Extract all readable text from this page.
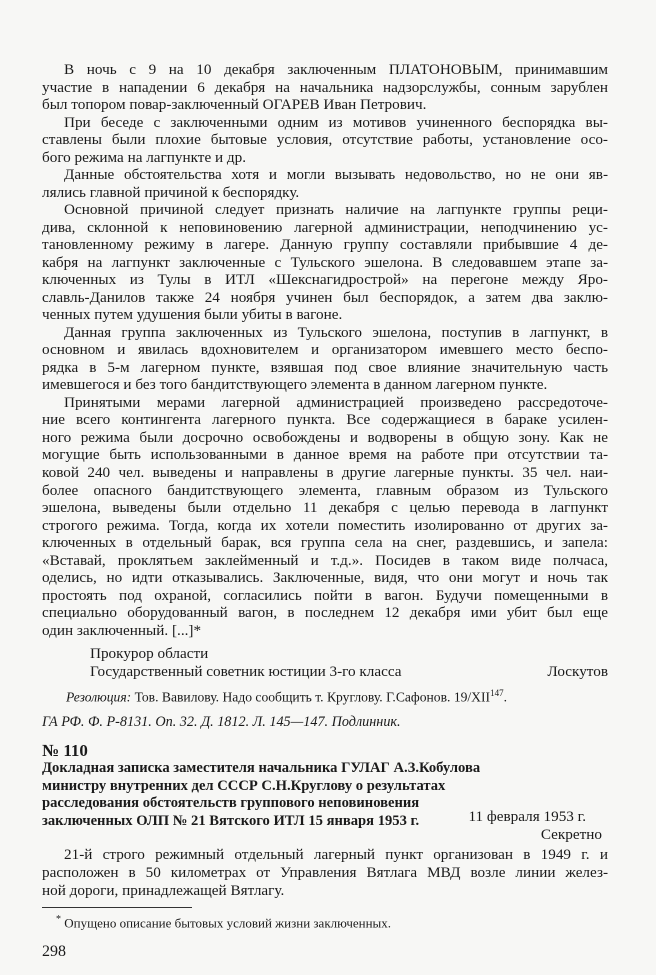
В ночь с 9 на 10 декабря заключенным ПЛАТОНОВЫМ, принимавшим
участие в нападении 6 декабря на начальника надзорслужбы, сонным зарублен
был топором повар-заключенный ОГАРЕВ Иван Петрович.
При беседе с заключенными одним из мотивов учиненного беспорядка вы-
ставлены были плохие бытовые условия, отсутствие работы, установление осо-
бого режима на лагпункте и др.
Данные обстоятельства хотя и могли вызывать недовольство, но не они яв-
лялись главной причиной к беспорядку.
Основной причиной следует признать наличие на лагпункте группы реци-
дива, склонной к неповиновению лагерной администрации, неподчинению ус-
тановленному режиму в лагере. Данную группу составляли прибывшие 4 де-
кабря на лагпункт заключенные с Тульского эшелона. В следовавшем этапе за-
ключенных из Тулы в ИТЛ «Шекснагидрострой» на перегоне между Яро-
славль-Данилов также 24 ноября учинен был беспорядок, а затем два заклю-
ченных путем удушения были убиты в вагоне.
Данная группа заключенных из Тульского эшелона, поступив в лагпункт, в
основном и явилась вдохновителем и организатором имевшего место беспо-
рядка в 5-м лагерном пункте, взявшая под свое влияние значительную часть
имевшегося и без того бандитствующего элемента в данном лагерном пункте.
Принятыми мерами лагерной администрацией произведено рассредоточе-
ние всего контингента лагерного пункта. Все содержащиеся в бараке усилен-
ного режима были досрочно освобождены и водворены в общую зону. Как не
могущие быть использованными в данное время на работе при отсутствии та-
ковой 240 чел. выведены и направлены в другие лагерные пункты. 35 чел. наи-
более опасного бандитствующего элемента, главным образом из Тульского
эшелона, выведены были отдельно 11 декабря с целью перевода в лагпункт
строгого режима. Тогда, когда их хотели поместить изолированно от других за-
ключенных в отдельный барак, вся группа села на снег, раздевшись, и запела:
«Вставай, проклятьем заклейменный и т.д.». Посидев в таком виде полчаса,
оделись, но идти отказывались. Заключенные, видя, что они могут и ночь так
простоять под охраной, согласились пойти в вагон. Будучи помещенными в
специально оборудованный вагон, в последнем 12 декабря ими убит был еще
один заключенный. [...]*
Прокурор области
Государственный советник юстиции 3-го класса	Лоскутов
Резолюция: Тов. Вавилову. Надо сообщить т. Круглову. Г.Сафонов. 19/XII$^{147}$.
ГА РФ. Ф. Р-8131. Оп. 32. Д. 1812. Л. 145—147. Подлинник.
№ 110
Докладная записка заместителя начальника ГУЛАГ А.З.Кобулова
министру внутренних дел СССР С.Н.Круглову о результатах
расследования обстоятельств группового неповиновения
заключенных ОЛП № 21 Вятского ИТЛ 15 января 1953 г.	11 февраля 1953 г.
Секретно
21-й строго режимный отдельный лагерный пункт организован в 1949 г. и
расположен в 50 километрах от Управления Вятлага МВД возле линии желез-
ной дороги, принадлежащей Вятлагу.
* Опущено описание бытовых условий жизни заключенных.
298
